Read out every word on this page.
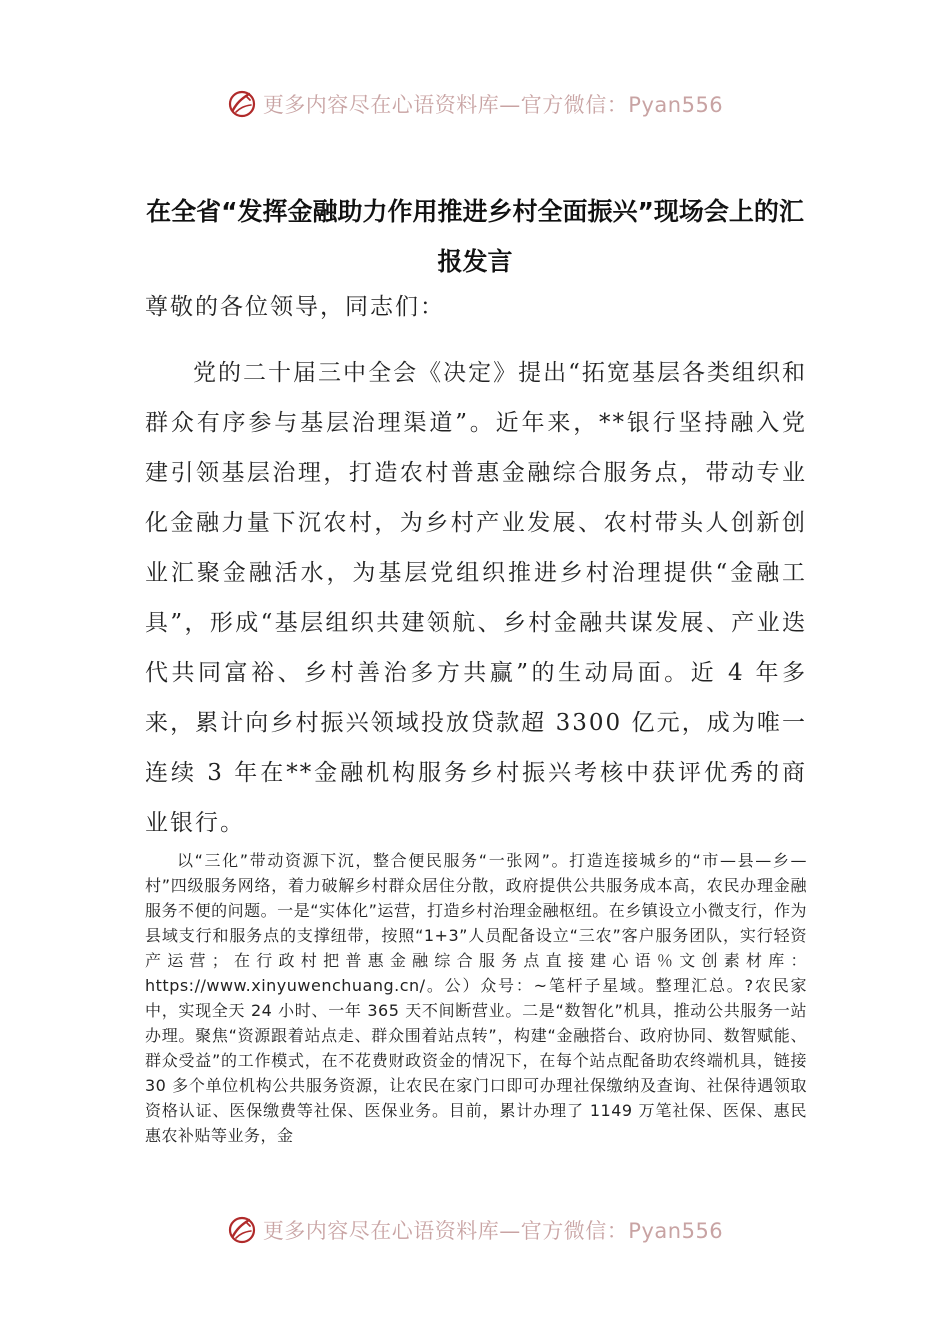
更多内容尽在心语资料库—官方微信：Pyan556
在全省“发挥金融助力作用推进乡村全面振兴”现场会上的汇报发言

尊敬的各位领导，同志们：

党的二十届三中全会《决定》提出“拓宽基层各类组织和群众有序参与基层治理渠道”。近年来，**银行坚持融入党建引领基层治理，打造农村普惠金融综合服务点，带动专业化金融力量下沉农村，为乡村产业发展、农村带头人创新创业汇聚金融活水，为基层党组织推进乡村治理提供“金融工具”，形成“基层组织共建领航、乡村金融共谋发展、产业迭代共同富裕、乡村善治多方共赢”的生动局面。近 4 年多来，累计向乡村振兴领域投放贷款超 3300 亿元，成为唯一连续 3 年在**金融机构服务乡村振兴考核中获评优秀的商业银行。

以“三化”带动资源下沉，整合便民服务“一张网”。打造连接城乡的“市—县—乡—村”四级服务网络，着力破解乡村群众居住分散，政府提供公共服务成本高，农民办理金融服务不便的问题。一是“实体化”运营，打造乡村治理金融枢纽。在乡镇设立小微支行，作为县域支行和服务点的支撑纽带，按照“1+3”人员配备设立“三农”客户服务团队，实行轻资产运营；在行政村把普惠金融综合服务点直接建心语％文创素材库：https://www.xinyuwenchuang.cn/。公）众号：~笔杆子星域。整理汇总。?农民家中，实现全天 24 小时、一年 365 天不间断营业。二是“数智化”机具，推动公共服务一站办理。聚焦“资源跟着站点走、群众围着站点转”，构建“金融搭台、政府协同、数智赋能、群众受益”的工作模式，在不花费财政资金的情况下，在每个站点配备助农终端机具，链接 30 多个单位机构公共服务资源，让农民在家门口即可办理社保缴纳及查询、社保待遇领取资格认证、医保缴费等社保、医保业务。目前，累计办理了 1149 万笔社保、医保、惠民惠农补贴等业务，金

更多内容尽在心语资料库—官方微信：Pyan556
